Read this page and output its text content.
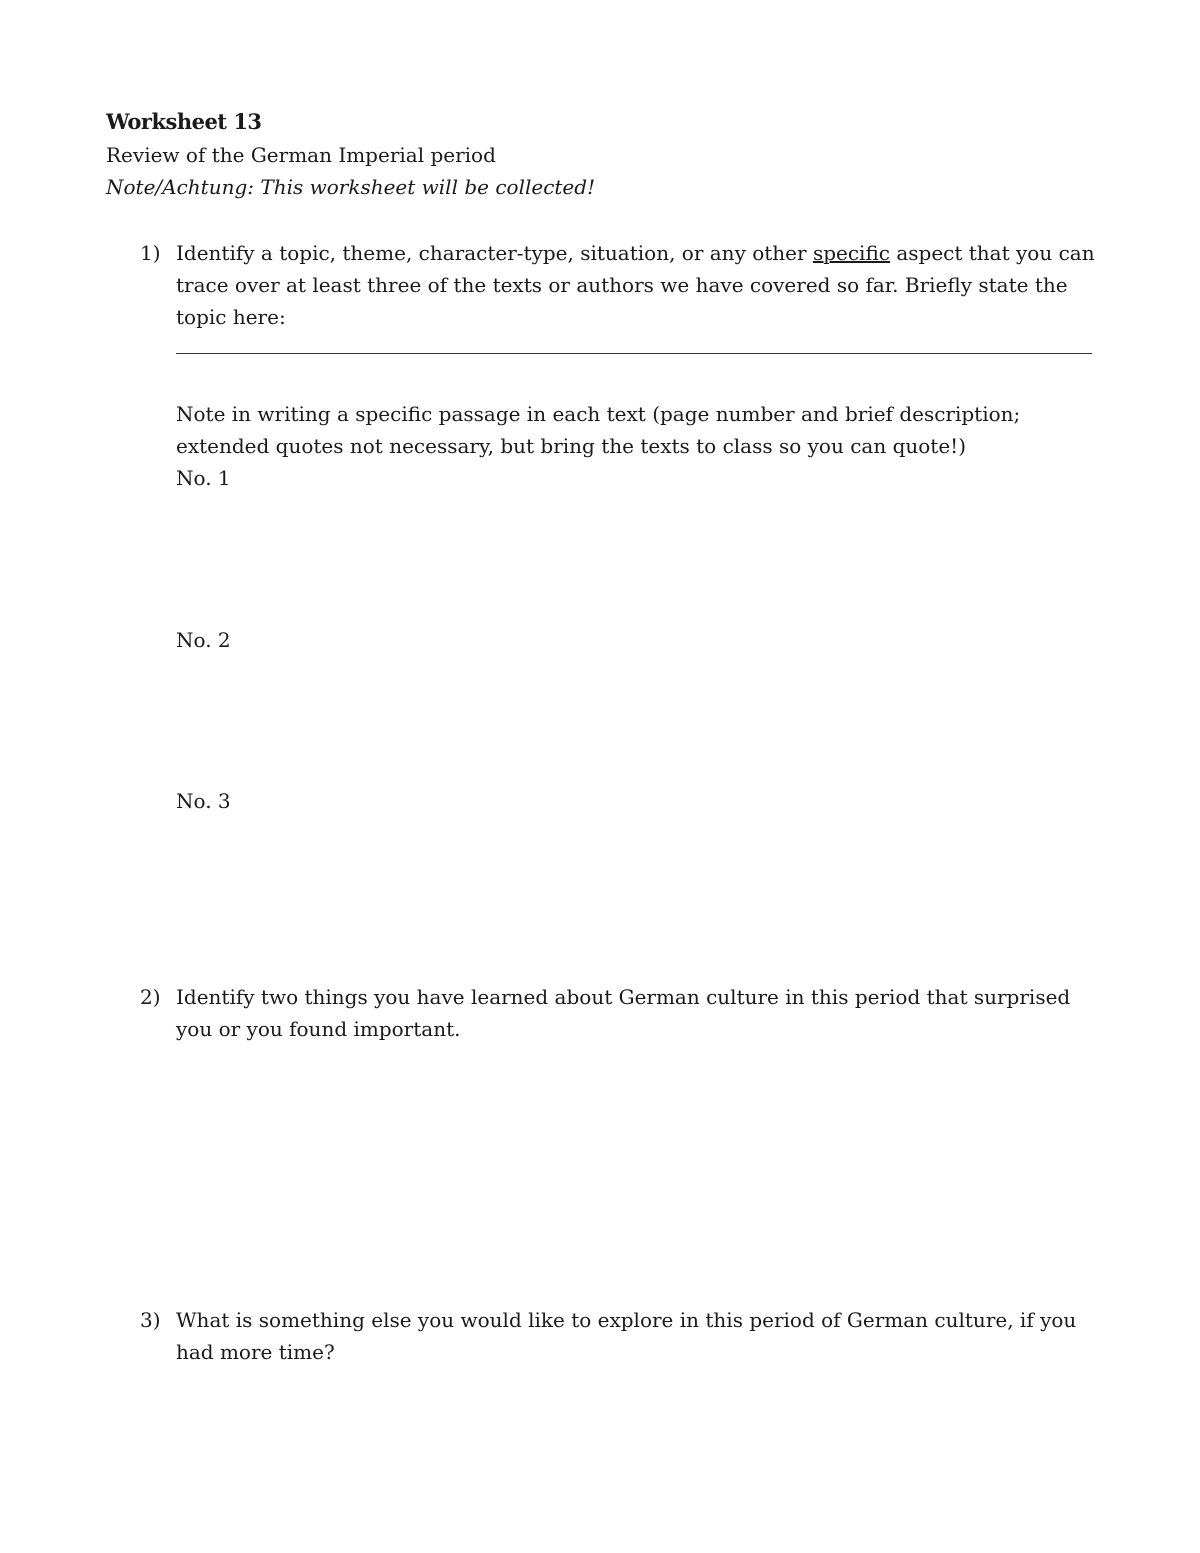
Worksheet 13
Review of the German Imperial period
Note/Achtung: This worksheet will be collected!
1) Identify a topic, theme, character-type, situation, or any other specific aspect that you can trace over at least three of the texts or authors we have covered so far. Briefly state the topic here:
Note in writing a specific passage in each text (page number and brief description; extended quotes not necessary, but bring the texts to class so you can quote!)
No. 1
No. 2
No. 3
2) Identify two things you have learned about German culture in this period that surprised you or you found important.
3) What is something else you would like to explore in this period of German culture, if you had more time?
